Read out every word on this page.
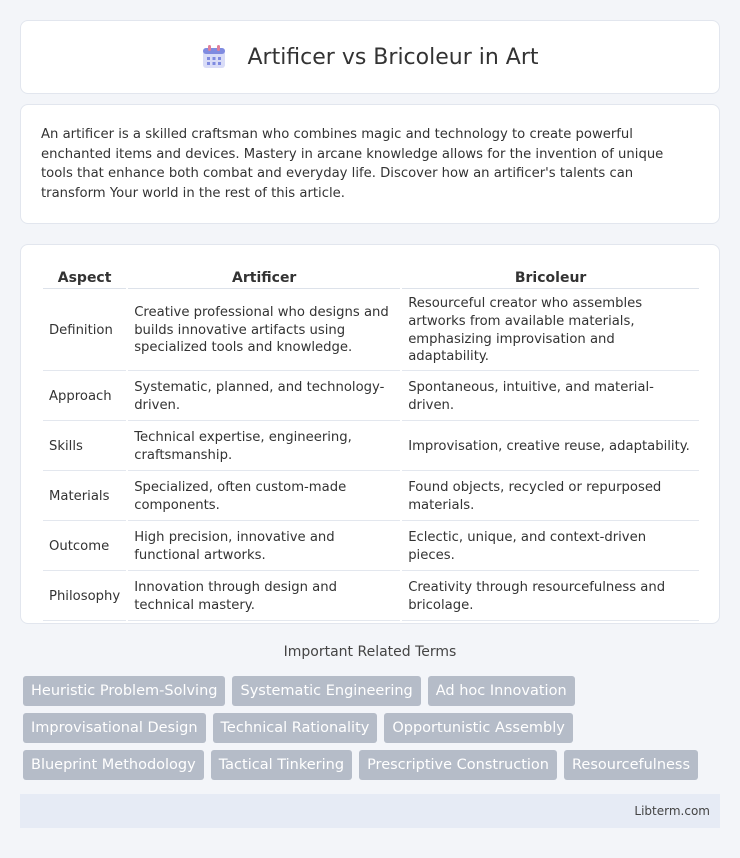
Artificer vs Bricoleur in Art

An artificer is a skilled craftsman who combines magic and technology to create powerful enchanted items and devices. Mastery in arcane knowledge allows for the invention of unique tools that enhance both combat and everyday life. Discover how an artificer's talents can transform Your world in the rest of this article.

Aspect	Artificer	Bricoleur
Definition	Creative professional who designs and builds innovative artifacts using specialized tools and knowledge.	Resourceful creator who assembles artworks from available materials, emphasizing improvisation and adaptability.
Approach	Systematic, planned, and technology-driven.	Spontaneous, intuitive, and material-driven.
Skills	Technical expertise, engineering, craftsmanship.	Improvisation, creative reuse, adaptability.
Materials	Specialized, often custom-made components.	Found objects, recycled or repurposed materials.
Outcome	High precision, innovative and functional artworks.	Eclectic, unique, and context-driven pieces.
Philosophy	Innovation through design and technical mastery.	Creativity through resourcefulness and bricolage.
Important Related Terms
Heuristic Problem-Solving	Systematic Engineering	Ad hoc Innovation
Improvisational Design	Technical Rationality	Opportunistic Assembly
Blueprint Methodology	Tactical Tinkering	Prescriptive Construction	Resourcefulness
Libterm.com
